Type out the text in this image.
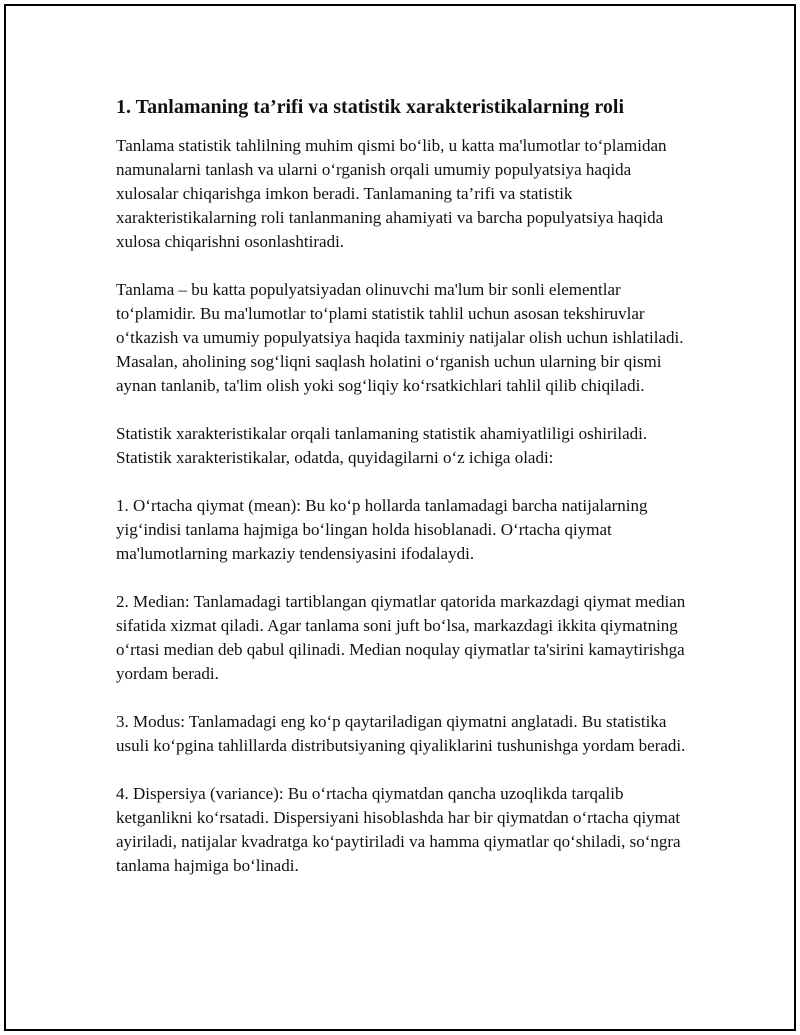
1. Tanlamaning ta’rifi va statistik xarakteristikalarning roli

Tanlama statistik tahlilning muhim qismi boʻlib, u katta ma'lumotlar toʻplamidan namunalarni tanlash va ularni oʻrganish orqali umumiy populyatsiya haqida xulosalar chiqarishga imkon beradi. Tanlamaning ta’rifi va statistik xarakteristikalarning roli tanlanmaning ahamiyati va barcha populyatsiya haqida xulosa chiqarishni osonlashtiradi.

Tanlama – bu katta populyatsiyadan olinuvchi ma'lum bir sonli elementlar toʻplamidir. Bu ma'lumotlar toʻplami statistik tahlil uchun asosan tekshiruvlar oʻtkazish va umumiy populyatsiya haqida taxminiy natijalar olish uchun ishlatiladi. Masalan, aholining sogʻliqni saqlash holatini oʻrganish uchun ularning bir qismi aynan tanlanib, ta'lim olish yoki sogʻliqiy koʻrsatkichlari tahlil qilib chiqiladi.

Statistik xarakteristikalar orqali tanlamaning statistik ahamiyatliligi oshiriladi. Statistik xarakteristikalar, odatda, quyidagilarni oʻz ichiga oladi:

1. Oʻrtacha qiymat (mean): Bu koʻp hollarda tanlamadagi barcha natijalarning yigʻindisi tanlama hajmiga boʻlingan holda hisoblanadi. Oʻrtacha qiymat ma'lumotlarning markaziy tendensiyasini ifodalaydi.

2. Median: Tanlamadagi tartiblangan qiymatlar qatorida markazdagi qiymat median sifatida xizmat qiladi. Agar tanlama soni juft boʻlsa, markazdagi ikkita qiymatning oʻrtasi median deb qabul qilinadi. Median noqulay qiymatlar ta'sirini kamaytirishga yordam beradi.

3. Modus: Tanlamadagi eng koʻp qaytariladigan qiymatni anglatadi. Bu statistika usuli koʻpgina tahlillarda distributsiyaning qiyaliklarini tushunishga yordam beradi.

4. Dispersiya (variance): Bu oʻrtacha qiymatdan qancha uzoqlikda tarqalib ketganlikni koʻrsatadi. Dispersiyani hisoblashda har bir qiymatdan oʻrtacha qiymat ayiriladi, natijalar kvadratga koʻpaytiriladi va hamma qiymatlar qoʻshiladi, soʻngra tanlama hajmiga boʻlinadi.
